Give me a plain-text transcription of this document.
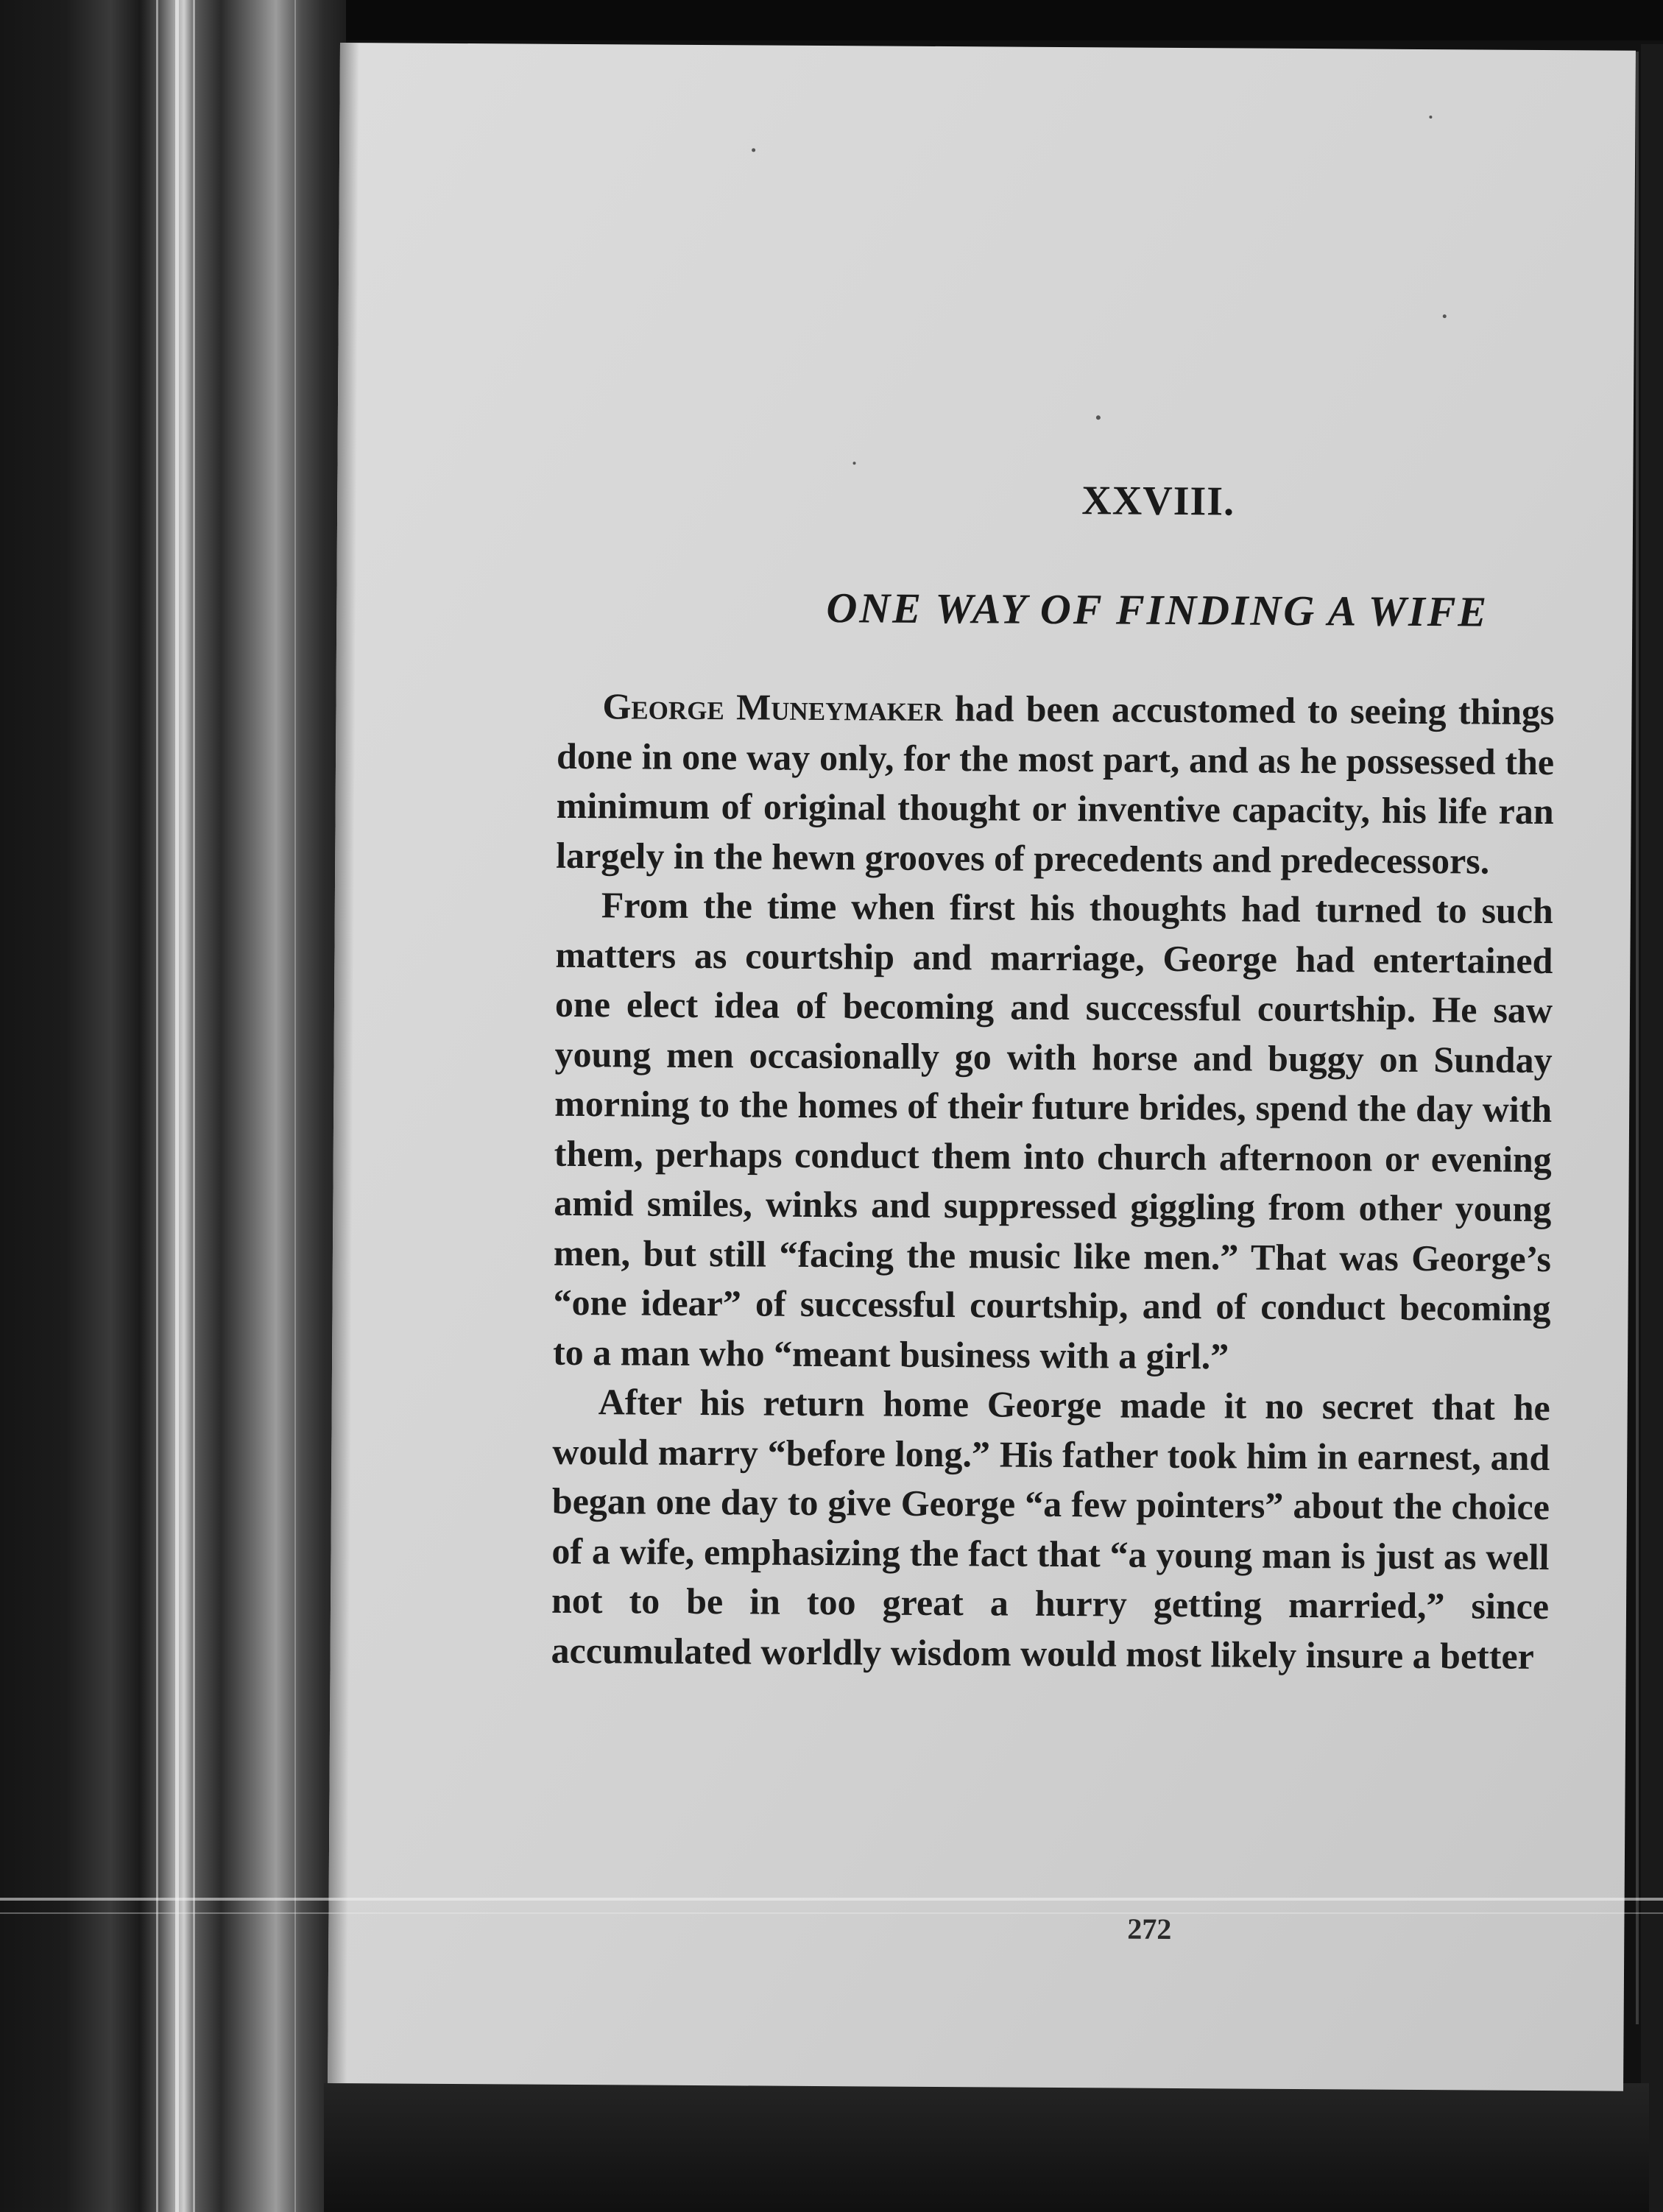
XXVIII.
ONE WAY OF FINDING A WIFE

George Muneymaker had been accustomed to seeing things done in one way only, for the most part, and as he possessed the minimum of original thought or inventive capacity, his life ran largely in the hewn grooves of precedents and predecessors.

From the time when first his thoughts had turned to such matters as courtship and marriage, George had entertained one elect idea of becoming and successful courtship. He saw young men occasionally go with horse and buggy on Sunday morning to the homes of their future brides, spend the day with them, perhaps conduct them into church afternoon or evening amid smiles, winks and suppressed giggling from other young men, but still “facing the music like men.” That was George’s “one idear” of successful courtship, and of conduct becoming to a man who “meant business with a girl.”

After his return home George made it no secret that he would marry “before long.” His father took him in earnest, and began one day to give George “a few pointers” about the choice of a wife, emphasizing the fact that “a young man is just as well not to be in too great a hurry getting married,” since accumulated worldly wisdom would most likely insure a better

272
